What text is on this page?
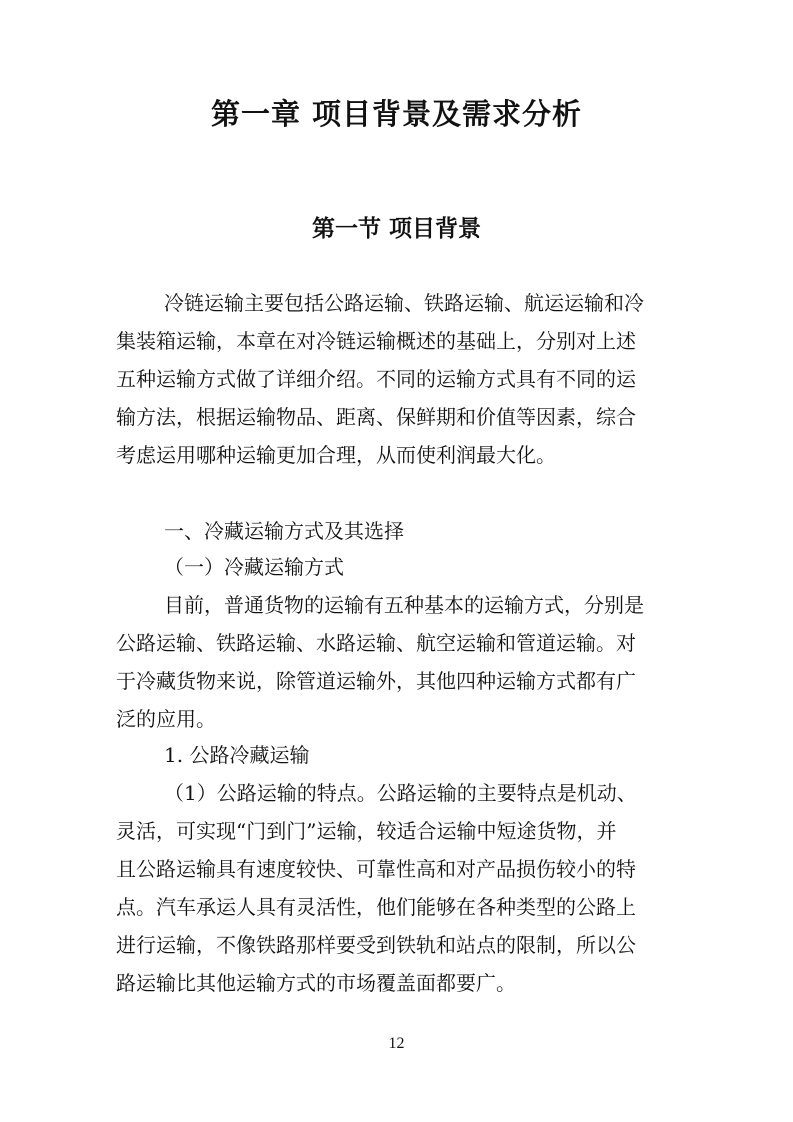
第一章 项目背景及需求分析
第一节 项目背景
冷链运输主要包括公路运输、铁路运输、航运运输和冷
集装箱运输，本章在对冷链运输概述的基础上，分别对上述
五种运输方式做了详细介绍。不同的运输方式具有不同的运
输方法，根据运输物品、距离、保鲜期和价值等因素，综合
考虑运用哪种运输更加合理，从而使利润最大化。
一、冷藏运输方式及其选择
（一）冷藏运输方式
目前，普通货物的运输有五种基本的运输方式，分别是
公路运输、铁路运输、水路运输、航空运输和管道运输。对
于冷藏货物来说，除管道运输外，其他四种运输方式都有广
泛的应用。
1. 公路冷藏运输
（1）公路运输的特点。公路运输的主要特点是机动、
灵活，可实现“门到门”运输，较适合运输中短途货物，并
且公路运输具有速度较快、可靠性高和对产品损伤较小的特
点。汽车承运人具有灵活性，他们能够在各种类型的公路上
进行运输，不像铁路那样要受到铁轨和站点的限制，所以公
路运输比其他运输方式的市场覆盖面都要广。
12
